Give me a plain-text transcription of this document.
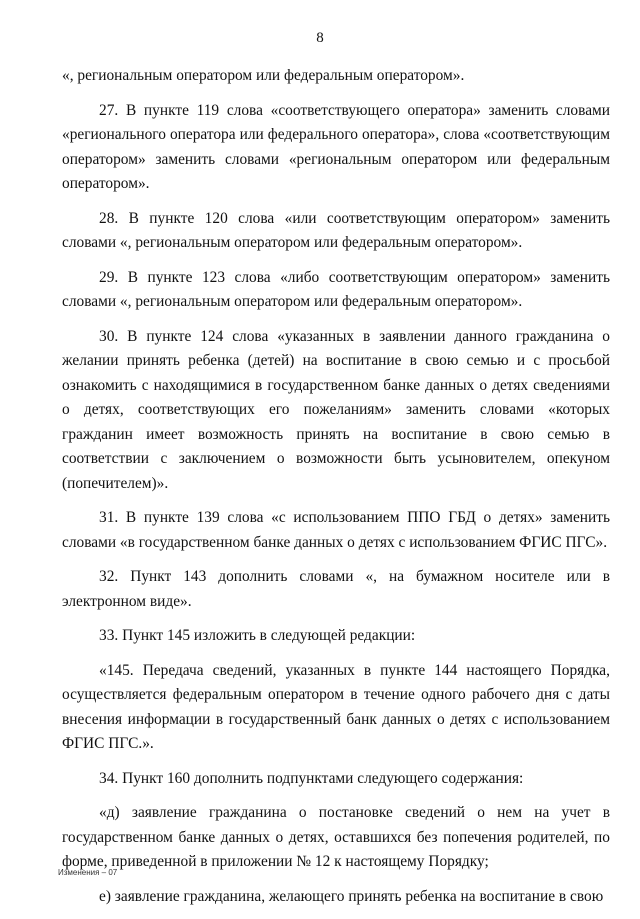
8

«, региональным оператором или федеральным оператором».

27. В пункте 119 слова «соответствующего оператора» заменить словами «регионального оператора или федерального оператора», слова «соответствующим оператором» заменить словами «региональным оператором или федеральным оператором».

28. В пункте 120 слова «или соответствующим оператором» заменить словами «, региональным оператором или федеральным оператором».

29. В пункте 123 слова «либо соответствующим оператором» заменить словами «, региональным оператором или федеральным оператором».

30. В пункте 124 слова «указанных в заявлении данного гражданина о желании принять ребенка (детей) на воспитание в свою семью и с просьбой ознакомить с находящимися в государственном банке данных о детях сведениями о детях, соответствующих его пожеланиям» заменить словами «которых гражданин имеет возможность принять на воспитание в свою семью в соответствии с заключением о возможности быть усыновителем, опекуном (попечителем)».

31. В пункте 139 слова «с использованием ППО ГБД о детях» заменить словами «в государственном банке данных о детях с использованием ФГИС ПГС».

32. Пункт 143 дополнить словами «, на бумажном носителе или в электронном виде».

33. Пункт 145 изложить в следующей редакции:

«145. Передача сведений, указанных в пункте 144 настоящего Порядка, осуществляется федеральным оператором в течение одного рабочего дня с даты внесения информации в государственный банк данных о детях с использованием ФГИС ПГС.».

34. Пункт 160 дополнить подпунктами следующего содержания:

«д) заявление гражданина о постановке сведений о нем на учет в государственном банке данных о детях, оставшихся без попечения родителей, по форме, приведенной в приложении № 12 к настоящему Порядку;

е) заявление гражданина, желающего принять ребенка на воспитание в свою

Изменения – 07
